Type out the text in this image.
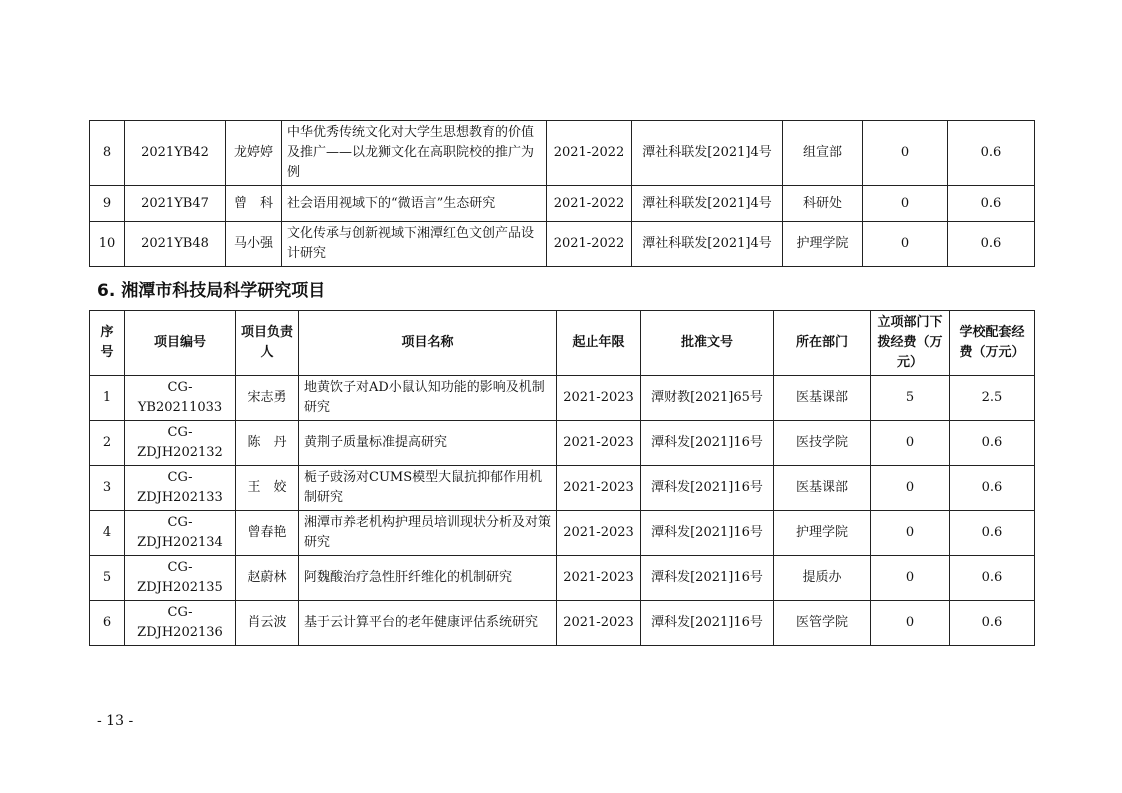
8	2021YB42	龙婷婷	中华优秀传统文化对大学生思想教育的价值及推广——以龙狮文化在高职院校的推广为例	2021-2022	潭社科联发[2021]4号	组宣部	0	0.6
9	2021YB47	曾　科	社会语用视域下的“微语言”生态研究	2021-2022	潭社科联发[2021]4号	科研处	0	0.6
10	2021YB48	马小强	文化传承与创新视域下湘潭红色文创产品设计研究	2021-2022	潭社科联发[2021]4号	护理学院	0	0.6
6. 湘潭市科技局科学研究项目
序号	项目编号	项目负责人	项目名称	起止年限	批准文号	所在部门	立项部门下拨经费（万元）	学校配套经费（万元）
1	CG-YB20211033	宋志勇	地黄饮子对AD小鼠认知功能的影响及机制研究	2021-2023	潭财教[2021]65号	医基课部	5	2.5
2	CG-ZDJH202132	陈　丹	黄荆子质量标准提高研究	2021-2023	潭科发[2021]16号	医技学院	0	0.6
3	CG-ZDJH202133	王　姣	栀子豉汤对CUMS模型大鼠抗抑郁作用机制研究	2021-2023	潭科发[2021]16号	医基课部	0	0.6
4	CG-ZDJH202134	曾春艳	湘潭市养老机构护理员培训现状分析及对策研究	2021-2023	潭科发[2021]16号	护理学院	0	0.6
5	CG-ZDJH202135	赵蔚林	阿魏酸治疗急性肝纤维化的机制研究	2021-2023	潭科发[2021]16号	提质办	0	0.6
6	CG-ZDJH202136	肖云波	基于云计算平台的老年健康评估系统研究	2021-2023	潭科发[2021]16号	医管学院	0	0.6
- 13 -
